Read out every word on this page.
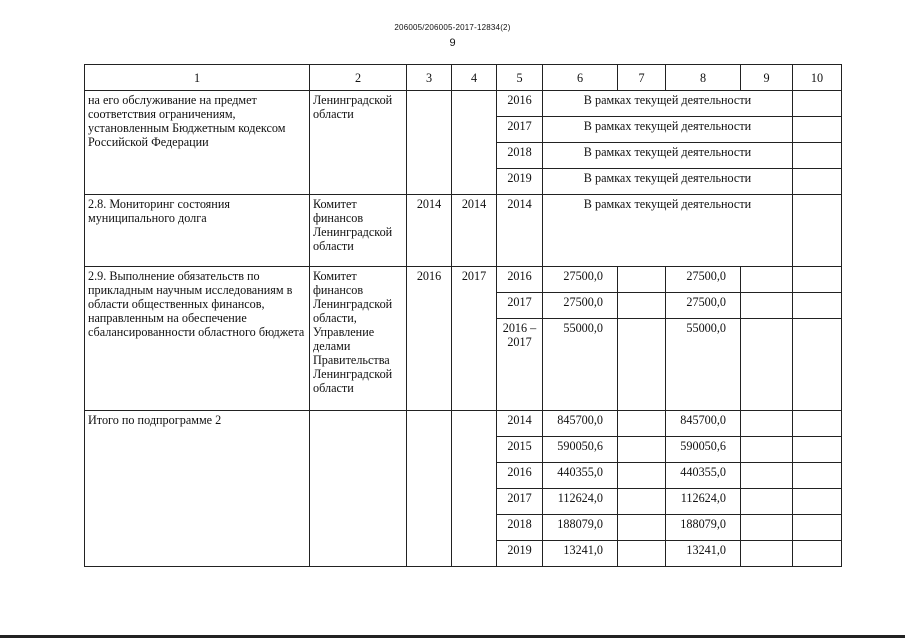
206005/206005-2017-12834(2)
9
1	2	3	4	5	6	7	8	9	10
на его обслуживание на предмет соответствия ограничениям, установленным Бюджетным кодексом Российской Федерации	Ленинградской области			2016	В рамках текущей деятельности				
				2017	В рамках текущей деятельности				
				2018	В рамках текущей деятельности				
				2019	В рамках текущей деятельности				
2.8. Мониторинг состояния муниципального долга	Комитет финансов Ленинградской области	2014	2014	2014	В рамках текущей деятельности				
2.9. Выполнение обязательств по прикладным научным исследованиям в области общественных финансов, направленным на обеспечение сбалансированности областного бюджета	Комитет финансов Ленинградской области, Управление делами Правительства Ленинградской области	2016	2017	2016	27500,0		27500,0		
				2017	27500,0		27500,0		
				2016 – 2017	55000,0		55000,0		
Итого по подпрограмме 2				2014	845700,0		845700,0		
				2015	590050,6		590050,6		
				2016	440355,0		440355,0		
				2017	112624,0		112624,0		
				2018	188079,0		188079,0		
				2019	13241,0		13241,0		
